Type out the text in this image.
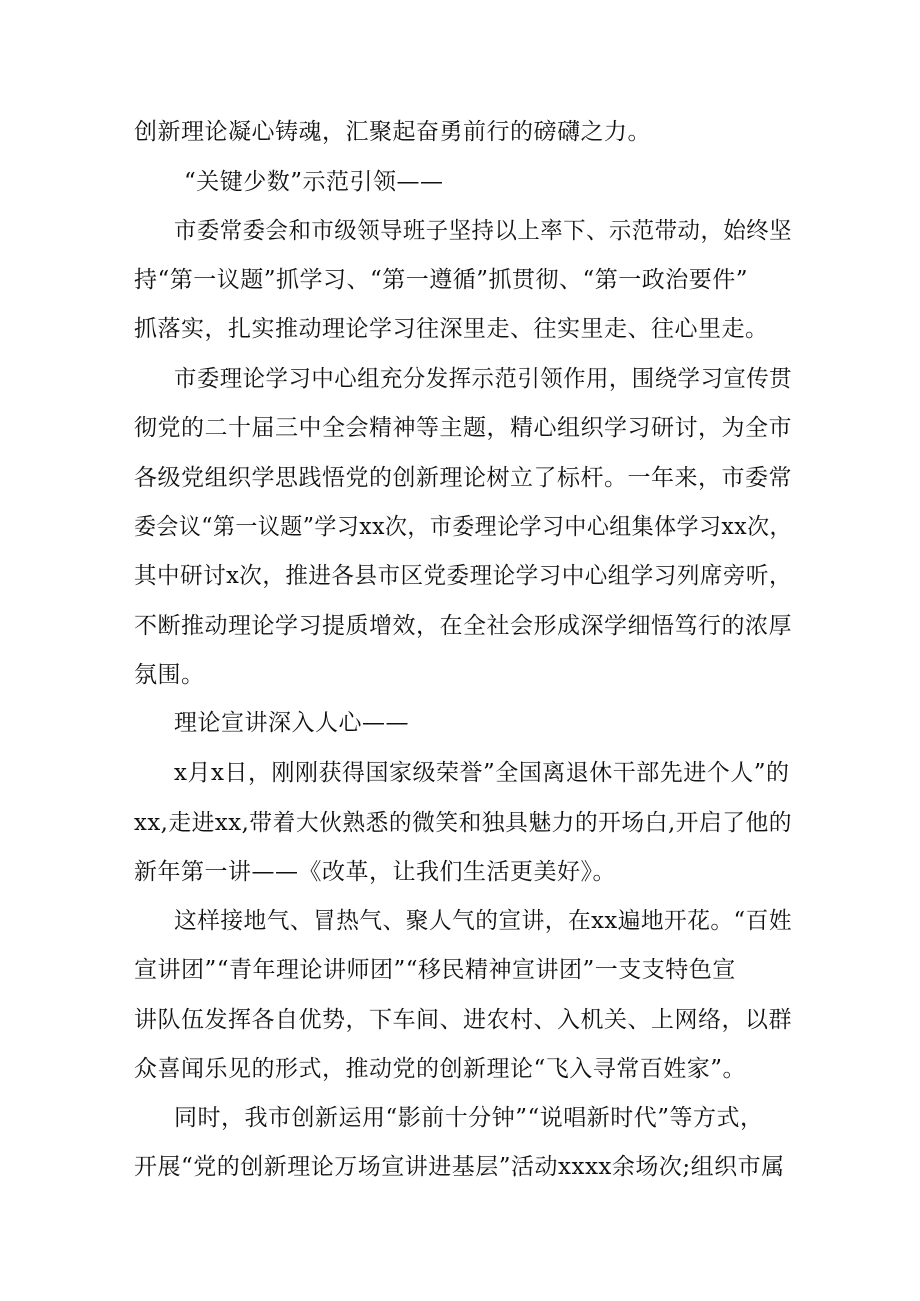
创新理论凝心铸魂，汇聚起奋勇前行的磅礴之力。
“关键少数”示范引领——
市委常委会和市级领导班子坚持以上率下、示范带动，始终坚
持“第一议题”抓学习、“第一遵循”抓贯彻、“第一政治要件”
抓落实，扎实推动理论学习往深里走、往实里走、往心里走。
市委理论学习中心组充分发挥示范引领作用，围绕学习宣传贯
彻党的二十届三中全会精神等主题，精心组织学习研讨，为全市
各级党组织学思践悟党的创新理论树立了标杆。一年来，市委常
委会议“第一议题”学习xx次，市委理论学习中心组集体学习xx次，
其中研讨x次，推进各县市区党委理论学习中心组学习列席旁听，
不断推动理论学习提质增效，在全社会形成深学细悟笃行的浓厚
氛围。
理论宣讲深入人心——
x月x日，刚刚获得国家级荣誉”全国离退休干部先进个人”的
xx,走进xx,带着大伙熟悉的微笑和独具魅力的开场白,开启了他的
新年第一讲——《改革，让我们生活更美好》。
这样接地气、冒热气、聚人气的宣讲，在xx遍地开花。“百姓
宣讲团”“青年理论讲师团”“移民精神宣讲团”一支支特色宣
讲队伍发挥各自优势，下车间、进农村、入机关、上网络，以群
众喜闻乐见的形式，推动党的创新理论“飞入寻常百姓家”。
同时，我市创新运用“影前十分钟”“说唱新时代”等方式，
开展“党的创新理论万场宣讲进基层”活动xxxx余场次;组织市属
